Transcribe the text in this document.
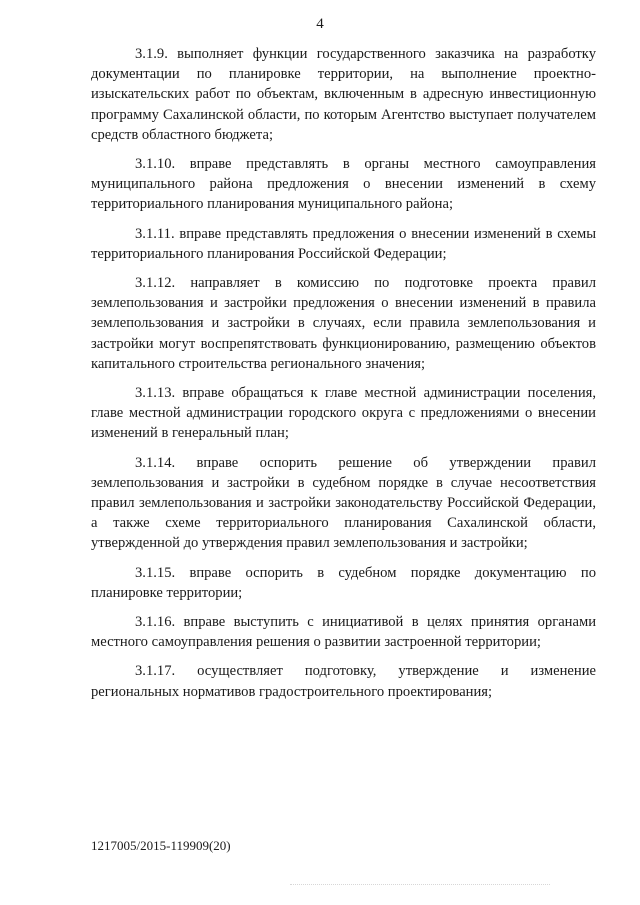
4

3.1.9. выполняет функции государственного заказчика на разработку документации по планировке территории, на выполнение проектно-изыскательских работ по объектам, включенным в адресную инвестиционную программу Сахалинской области, по которым Агентство выступает получателем средств областного бюджета;

3.1.10. вправе представлять в органы местного самоуправления муниципального района предложения о внесении изменений в схему территориального планирования муниципального района;

3.1.11. вправе представлять предложения о внесении изменений в схемы территориального планирования Российской Федерации;

3.1.12. направляет в комиссию по подготовке проекта правил землепользования и застройки предложения о внесении изменений в правила землепользования и застройки в случаях, если правила землепользования и застройки могут воспрепятствовать функционированию, размещению объектов капитального строительства регионального значения;

3.1.13. вправе обращаться к главе местной администрации поселения, главе местной администрации городского округа с предложениями о внесении изменений в генеральный план;

3.1.14. вправе оспорить решение об утверждении правил землепользования и застройки в судебном порядке в случае несоответствия правил землепользования и застройки законодательству Российской Федерации, а также схеме территориального планирования Сахалинской области, утвержденной до утверждения правил землепользования и застройки;

3.1.15. вправе оспорить в судебном порядке документацию по планировке территории;

3.1.16. вправе выступить с инициативой в целях принятия органами местного самоуправления решения о развитии застроенной территории;

3.1.17. осуществляет подготовку, утверждение и изменение региональных нормативов градостроительного проектирования;

1217005/2015-119909(20)
